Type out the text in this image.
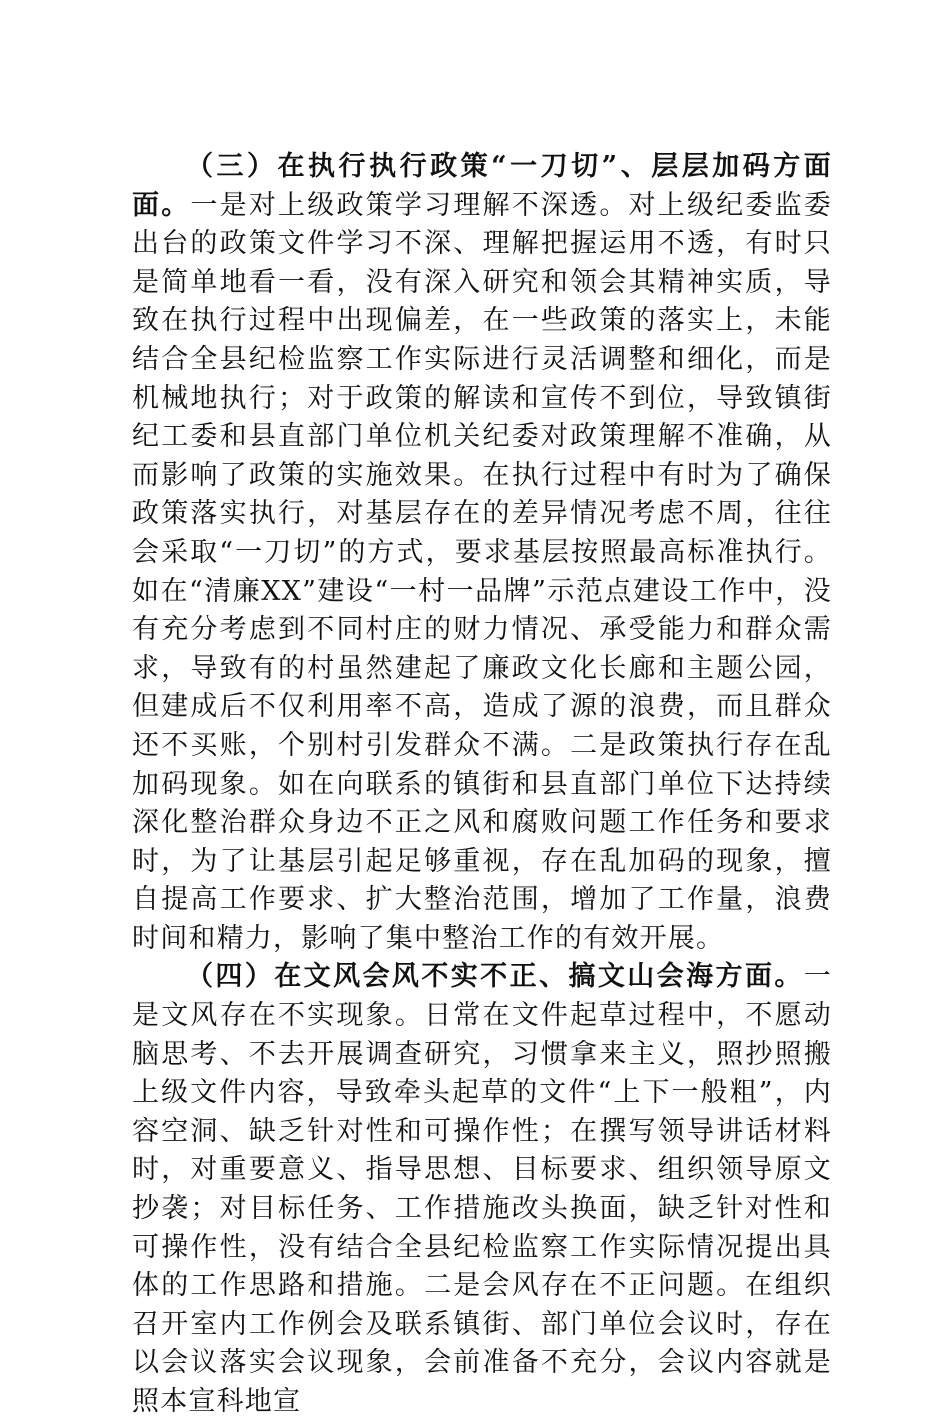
（三）在执行执行政策“一刀切”、层层加码方面面。一是对上级政策学习理解不深透。对上级纪委监委出台的政策文件学习不深、理解把握运用不透，有时只是简单地看一看，没有深入研究和领会其精神实质，导致在执行过程中出现偏差，在一些政策的落实上，未能结合全县纪检监察工作实际进行灵活调整和细化，而是机械地执行；对于政策的解读和宣传不到位，导致镇街纪工委和县直部门单位机关纪委对政策理解不准确，从而影响了政策的实施效果。在执行过程中有时为了确保政策落实执行，对基层存在的差异情况考虑不周，往往会采取“一刀切”的方式，要求基层按照最高标准执行。如在“清廉XX”建设“一村一品牌”示范点建设工作中，没有充分考虑到不同村庄的财力情况、承受能力和群众需求，导致有的村虽然建起了廉政文化长廊和主题公园，但建成后不仅利用率不高，造成了源的浪费，而且群众还不买账，个别村引发群众不满。二是政策执行存在乱加码现象。如在向联系的镇街和县直部门单位下达持续深化整治群众身边不正之风和腐败问题工作任务和要求时，为了让基层引起足够重视，存在乱加码的现象，擅自提高工作要求、扩大整治范围，增加了工作量，浪费时间和精力，影响了集中整治工作的有效开展。

（四）在文风会风不实不正、搞文山会海方面。一是文风存在不实现象。日常在文件起草过程中，不愿动脑思考、不去开展调查研究，习惯拿来主义，照抄照搬上级文件内容，导致牵头起草的文件“上下一般粗”，内容空洞、缺乏针对性和可操作性；在撰写领导讲话材料时，对重要意义、指导思想、目标要求、组织领导原文抄袭；对目标任务、工作措施改头换面，缺乏针对性和可操作性，没有结合全县纪检监察工作实际情况提出具体的工作思路和措施。二是会风存在不正问题。在组织召开室内工作例会及联系镇街、部门单位会议时，存在以会议落实会议现象，会前准备不充分，会议内容就是照本宣科地宣
